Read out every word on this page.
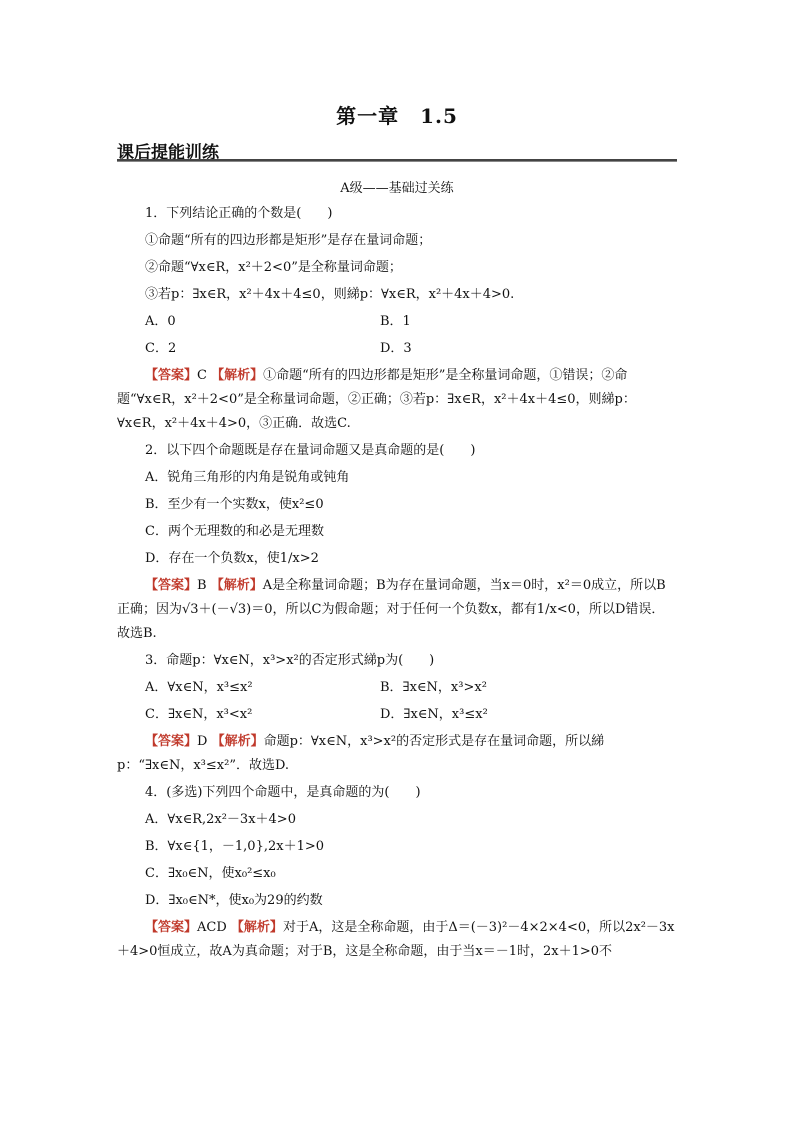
第一章　1.5
课后提能训练
A级——基础过关练
1．下列结论正确的个数是(　　)
①命题“所有的四边形都是矩形”是存在量词命题；
②命题“∀x∈R，x²＋2<0”是全称量词命题；
③若p：∃x∈R，x²＋4x＋4≤0，则綈p：∀x∈R，x²＋4x＋4>0.
A．0	B．1
C．2	D．3
【答案】C 【解析】①命题“所有的四边形都是矩形”是全称量词命题，①错误；②命题“∀x∈R，x²＋2<0”是全称量词命题，②正确；③若p：∃x∈R，x²＋4x＋4≤0，则綈p：∀x∈R，x²＋4x＋4>0，③正确．故选C.
2．以下四个命题既是存在量词命题又是真命题的是(　　)
A．锐角三角形的内角是锐角或钝角
B．至少有一个实数x，使x²≤0
C．两个无理数的和必是无理数
D．存在一个负数x，使1/x>2
【答案】B 【解析】A是全称量词命题；B为存在量词命题，当x＝0时，x²＝0成立，所以B正确；因为√3＋(－√3)＝0，所以C为假命题；对于任何一个负数x，都有1/x<0，所以D错误．故选B.
3．命题p：∀x∈N，x³>x²的否定形式綈p为(　　)
A．∀x∈N，x³≤x²	B．∃x∈N，x³>x²
C．∃x∈N，x³<x²	D．∃x∈N，x³≤x²
【答案】D 【解析】命题p：∀x∈N，x³>x²的否定形式是存在量词命题，所以綈p：“∃x∈N，x³≤x²”．故选D.
4．(多选)下列四个命题中，是真命题的为(　　)
A．∀x∈R,2x²－3x＋4>0
B．∀x∈{1，－1,0},2x＋1>0
C．∃x₀∈N，使x₀²≤x₀
D．∃x₀∈N*，使x₀为29的约数
【答案】ACD 【解析】对于A，这是全称命题，由于Δ＝(－3)²－4×2×4<0，所以2x²－3x＋4>0恒成立，故A为真命题；对于B，这是全称命题，由于当x＝－1时，2x＋1>0不
